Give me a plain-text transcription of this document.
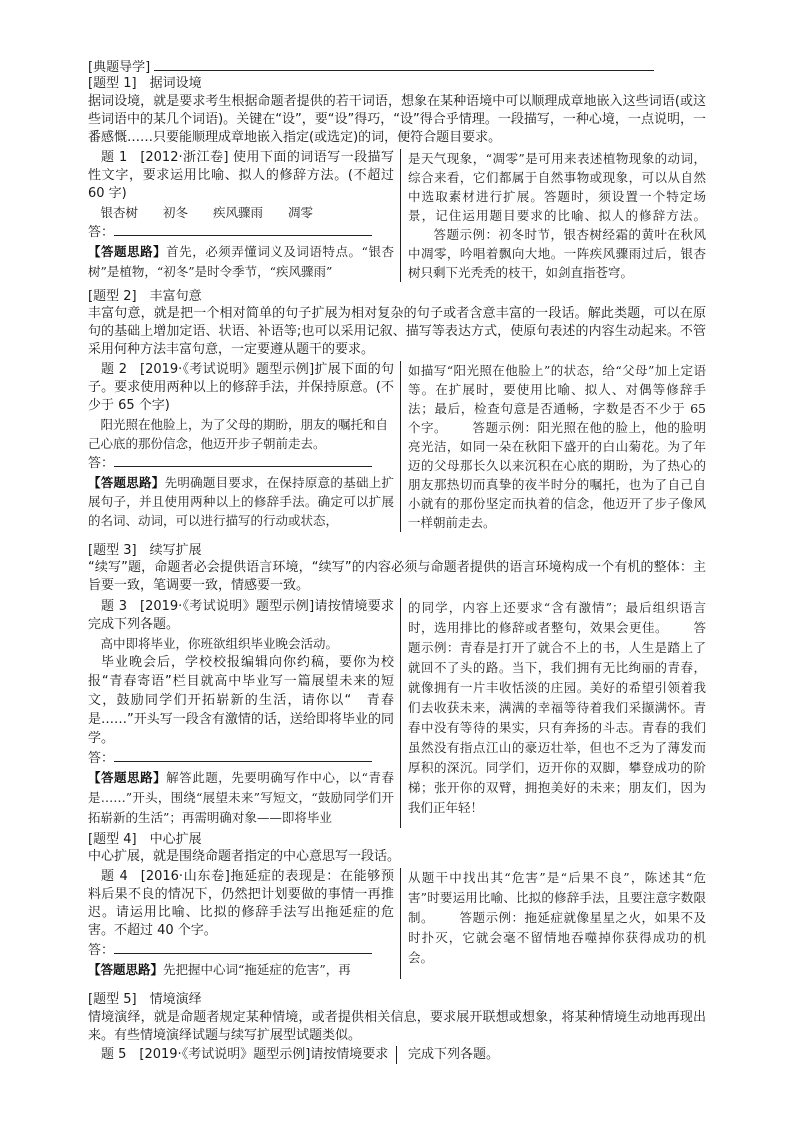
[典题导学]
[题型 1] 据词设境
据词设境，就是要求考生根据命题者提供的若干词语，想象在某种语境中可以顺理成章地嵌入这些词语(或这些词语中的某几个词语)。关键在“设”，要“设”得巧，“设”得合乎情理。一段描写，一种心境，一点说明，一番感慨……只要能顺理成章地嵌入指定(或选定)的词，便符合题目要求。
题 1 [2012·浙江卷] 使用下面的词语写一段描写性文字，要求运用比喻、拟人的修辞方法。(不超过 60 字)
银杏树　　初冬　　疾风骤雨　　凋零
答：
【答题思路】首先，必须弄懂词义及词语特点。“银杏树”是植物，“初冬”是时令季节，“疾风骤雨”
是天气现象，“凋零”是可用来表述植物现象的动词，综合来看，它们都属于自然事物或现象，可以从自然中选取素材进行扩展。答题时，须设置一个特定场景，记住运用题目要求的比喻、拟人的修辞方法。答题示例：初冬时节，银杏树经霜的黄叶在秋风中凋零，吟唱着飘向大地。一阵疾风骤雨过后，银杏树只剩下光秃秃的枝干，如剑直指苍穹。
[题型 2] 丰富句意
丰富句意，就是把一个相对简单的句子扩展为相对复杂的句子或者含意丰富的一段话。解此类题，可以在原句的基础上增加定语、状语、补语等;也可以采用记叙、描写等表达方式，使原句表述的内容生动起来。不管采用何种方法丰富句意，一定要遵从题干的要求。
题 2 [2019·《考试说明》题型示例]扩展下面的句子。要求使用两种以上的修辞手法，并保持原意。(不少于 65 个字)
阳光照在他脸上，为了父母的期盼，朋友的嘱托和自己心底的那份信念，他迈开步子朝前走去。
答：
【答题思路】先明确题目要求，在保持原意的基础上扩展句子，并且使用两种以上的修辞手法。确定可以扩展的名词、动词，可以进行描写的行动或状态，
如描写“阳光照在他脸上”的状态，给“父母”加上定语等。在扩展时，要使用比喻、拟人、对偶等修辞手法；最后，检查句意是否通畅，字数是否不少于 65 个字。 答题示例：阳光照在他的脸上，他的脸明亮光洁，如同一朵在秋阳下盛开的白山菊花。为了年迈的父母那长久以来沉积在心底的期盼，为了热心的朋友那热切而真挚的夜半时分的嘱托，也为了自己自小就有的那份坚定而执着的信念，他迈开了步子像风一样朝前走去。
[题型 3] 续写扩展
“续写”题，命题者必会提供语言环境，“续写”的内容必须与命题者提供的语言环境构成一个有机的整体：主旨要一致，笔调要一致，情感要一致。
题 3 [2019·《考试说明》题型示例]请按情境要求完成下列各题。
高中即将毕业，你班欲组织毕业晚会活动。
毕业晚会后，学校校报编辑向你约稿，要你为校报“青春寄语”栏目就高中毕业写一篇展望未来的短文，鼓励同学们开拓崭新的生活，请你以“　青春是……”开头写一段含有激情的话，送给即将毕业的同学。
答：
【答题思路】解答此题，先要明确写作中心，以“青春是……”开头，围绕“展望未来”写短文，“鼓励同学们开拓崭新的生活”；再需明确对象——即将毕业
的同学，内容上还要求“含有激情”；最后组织语言时，选用排比的修辞或者整句，效果会更佳。 答题示例：青春是打开了就合不上的书，人生是踏上了就回不了头的路。当下，我们拥有无比绚丽的青春，就像拥有一片丰收恬淡的庄园。美好的希望引领着我们去收获未来，满满的幸福等待着我们采撷满怀。青春中没有等待的果实，只有奔扬的斗志。青春的我们虽然没有指点江山的豪迈壮举，但也不乏为了薄发而厚积的深沉。同学们，迈开你的双脚，攀登成功的阶梯；张开你的双臂，拥抱美好的未来；朋友们，因为我们正年轻！
[题型 4] 中心扩展
中心扩展，就是围绕命题者指定的中心意思写一段话。
题 4 [2016·山东卷]拖延症的表现是：在能够预料后果不良的情况下，仍然把计划要做的事情一再推迟。请运用比喻、比拟的修辞手法写出拖延症的危害。不超过 40 个字。
答：
【答题思路】先把握中心词“拖延症的危害”，再
从题干中找出其“危害”是“后果不良”，陈述其“危害”时要运用比喻、比拟的修辞手法，且要注意字数限制。 答题示例：拖延症就像星星之火，如果不及时扑灭，它就会毫不留情地吞噬掉你获得成功的机会。
[题型 5] 情境演绎
情境演绎，就是命题者规定某种情境，或者提供相关信息，要求展开联想或想象，将某种情境生动地再现出来。有些情境演绎试题与续写扩展型试题类似。
题 5 [2019·《考试说明》题型示例]请按情境要求 完成下列各题。
